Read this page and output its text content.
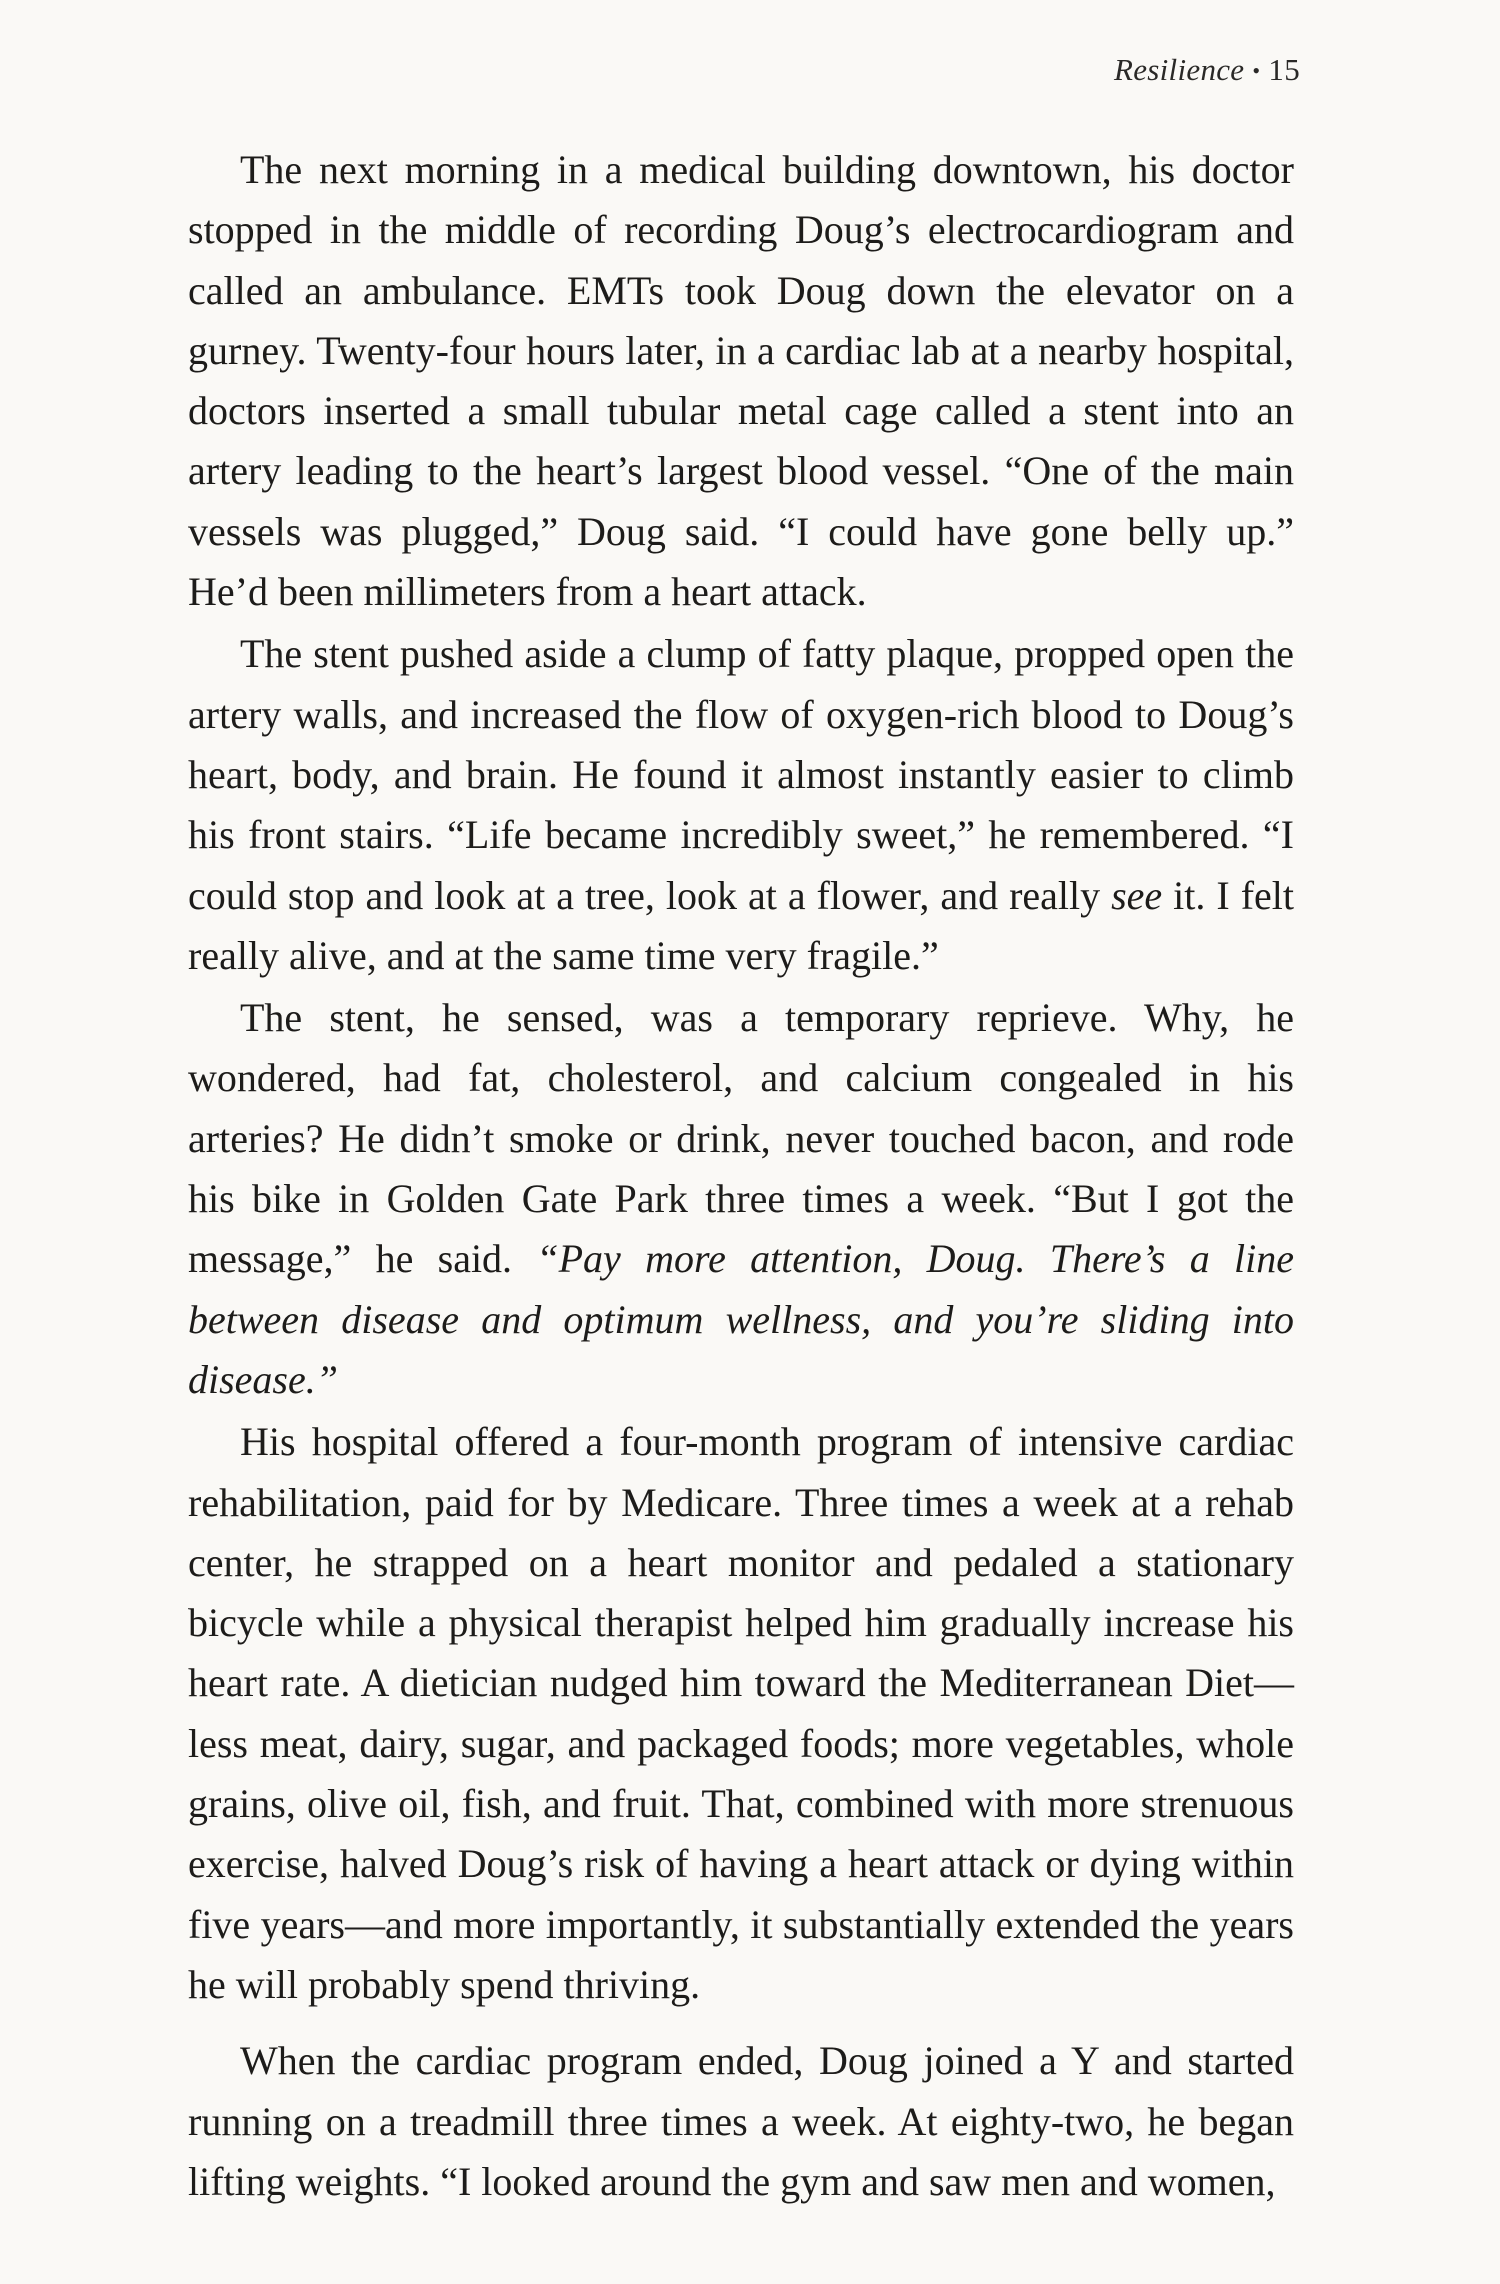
Resilience • 15

The next morning in a medical building downtown, his doctor stopped in the middle of recording Doug’s electrocardiogram and called an ambulance. EMTs took Doug down the elevator on a gurney. Twenty-four hours later, in a cardiac lab at a nearby hospital, doctors inserted a small tubular metal cage called a stent into an artery leading to the heart’s largest blood vessel. “One of the main vessels was plugged,” Doug said. “I could have gone belly up.” He’d been millimeters from a heart attack.

The stent pushed aside a clump of fatty plaque, propped open the artery walls, and increased the flow of oxygen-rich blood to Doug’s heart, body, and brain. He found it almost instantly easier to climb his front stairs. “Life became incredibly sweet,” he remembered. “I could stop and look at a tree, look at a flower, and really see it. I felt really alive, and at the same time very fragile.”

The stent, he sensed, was a temporary reprieve. Why, he wondered, had fat, cholesterol, and calcium congealed in his arteries? He didn’t smoke or drink, never touched bacon, and rode his bike in Golden Gate Park three times a week. “But I got the message,” he said. “Pay more attention, Doug. There’s a line between disease and optimum wellness, and you’re sliding into disease.”

His hospital offered a four-month program of intensive cardiac rehabilitation, paid for by Medicare. Three times a week at a rehab center, he strapped on a heart monitor and pedaled a stationary bicycle while a physical therapist helped him gradually increase his heart rate. A dietician nudged him toward the Mediterranean Diet—less meat, dairy, sugar, and packaged foods; more vegetables, whole grains, olive oil, fish, and fruit. That, combined with more strenuous exercise, halved Doug’s risk of having a heart attack or dying within five years—and more importantly, it substantially extended the years he will probably spend thriving.

When the cardiac program ended, Doug joined a Y and started running on a treadmill three times a week. At eighty-two, he began lifting weights. “I looked around the gym and saw men and women,
